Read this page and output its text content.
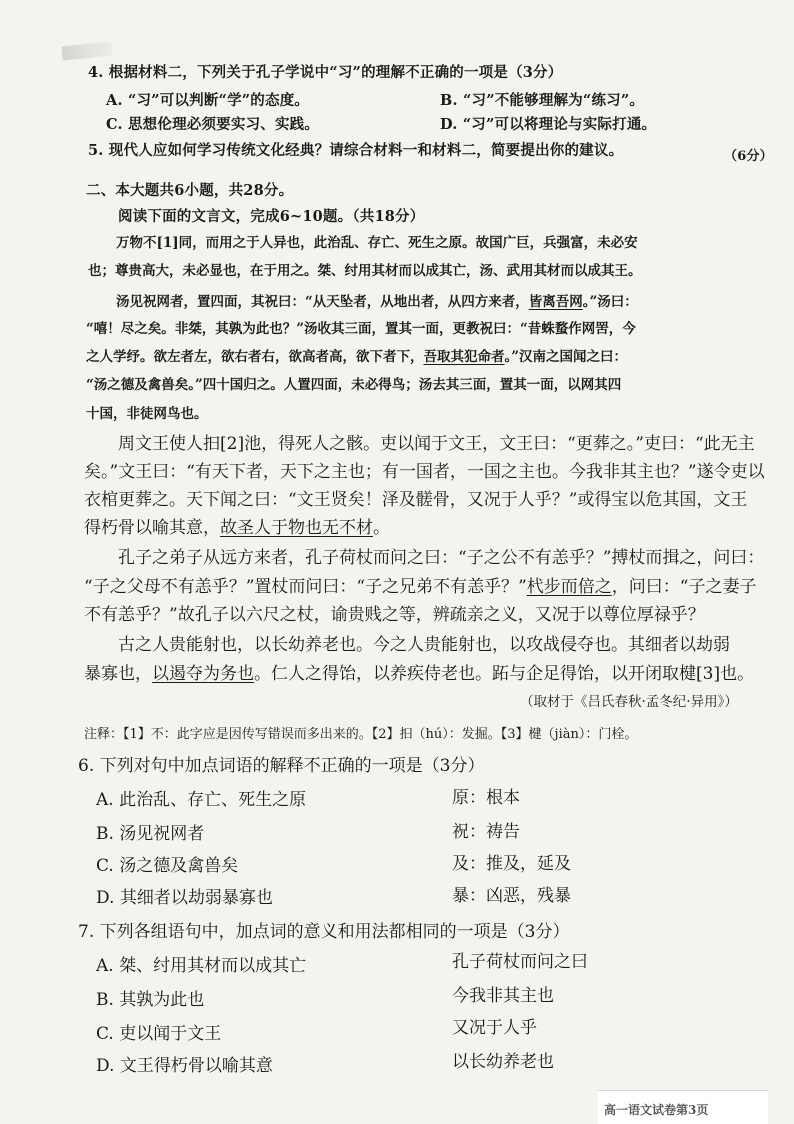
4. 根据材料二，下列关于孔子学说中“习”的理解不正确的一项是（3分）
A. “习”可以判断“学”的态度。	B. “习”不能够理解为“练习”。
C. 思想伦理必须要实习、实践。	D. “习”可以将理论与实际打通。
5. 现代人应如何学习传统文化经典？请综合材料一和材料二，简要提出你的建议。	（6分）
二、本大题共6小题，共28分。
阅读下面的文言文，完成6~10题。（共18分）
万物不[1]同，而用之于人异也，此治乱、存亡、死生之原。故国广巨，兵强富，未必安
也；尊贵高大，未必显也，在于用之。桀、纣用其材而以成其亡，汤、武用其材而以成其王。
汤见祝网者，置四面，其祝曰：“从天坠者，从地出者，从四方来者，皆离吾网。”汤曰：
“嘻！尽之矣。非桀，其孰为此也？”汤收其三面，置其一面，更教祝曰：“昔蛛蝥作网罟，今
之人学纾。欲左者左，欲右者右，欲高者高，欲下者下，吾取其犯命者。”汉南之国闻之曰：
“汤之德及禽兽矣。”四十国归之。人置四面，未必得鸟；汤去其三面，置其一面，以网其四
十国，非徒网鸟也。
周文王使人抇[2]池，得死人之骸。吏以闻于文王，文王曰：“更葬之。”吏曰：“此无主
矣。”文王曰：“有天下者，天下之主也；有一国者，一国之主也。今我非其主也？”遂令吏以
衣棺更葬之。天下闻之曰：“文王贤矣！泽及髊骨，又况于人乎？”或得宝以危其国，文王
得朽骨以喻其意，故圣人于物也无不材。
孔子之弟子从远方来者，孔子荷杖而问之曰：“子之公不有恙乎？”搏杖而揖之，问曰：
“子之父母不有恙乎？”置杖而问曰：“子之兄弟不有恙乎？”杙步而倍之，问曰：“子之妻子
不有恙乎？”故孔子以六尺之杖，谕贵贱之等，辨疏亲之义，又况于以尊位厚禄乎？
古之人贵能射也，以长幼养老也。今之人贵能射也，以攻战侵夺也。其细者以劫弱
暴寡也，以遏夺为务也。仁人之得饴，以养疾侍老也。跖与企足得饴，以开闭取楗[3]也。
（取材于《吕氏春秋·孟冬纪·异用》）
注释：【1】不：此字应是因传写错误而多出来的。【2】抇（hú）：发掘。【3】楗（jiàn）：门栓。
6. 下列对句中加点词语的解释不正确的一项是（3分）
A. 此治乱、存亡、死生之原	原：根本
B. 汤见祝网者	祝：祷告
C. 汤之德及禽兽矣	及：推及，延及
D. 其细者以劫弱暴寡也	暴：凶恶，残暴
7. 下列各组语句中，加点词的意义和用法都相同的一项是（3分）
A. 桀、纣用其材而以成其亡	孔子荷杖而问之曰
B. 其孰为此也	今我非其主也
C. 吏以闻于文王	又况于人乎
D. 文王得朽骨以喻其意	以长幼养老也
高一语文试卷第3页
